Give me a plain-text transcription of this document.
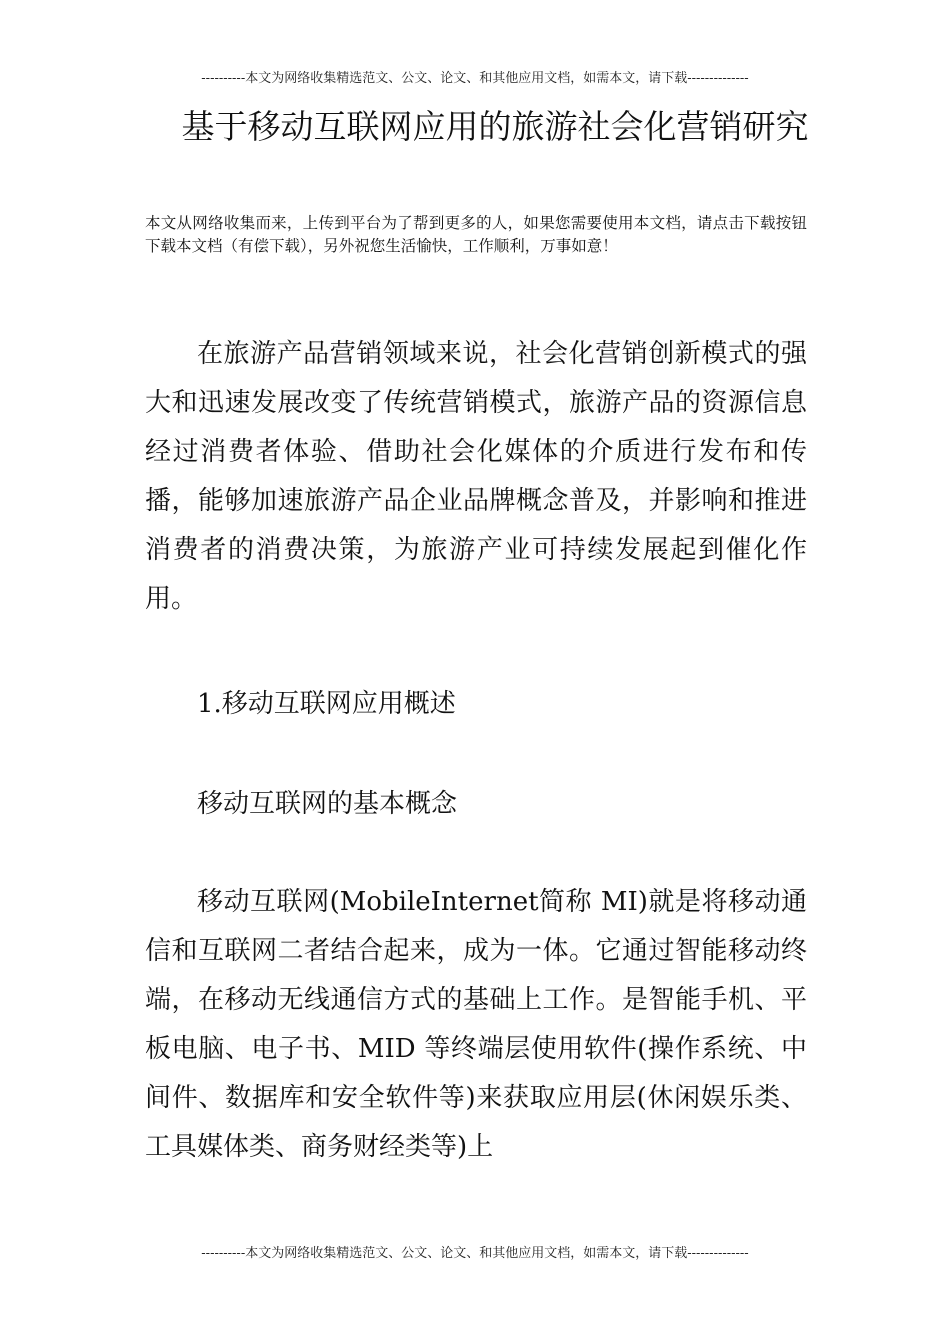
----------本文为网络收集精选范文、公文、论文、和其他应用文档，如需本文，请下载--------------
基于移动互联网应用的旅游社会化营销研究

本文从网络收集而来，上传到平台为了帮到更多的人，如果您需要使用本文档，请点击下载按钮下载本文档（有偿下载），另外祝您生活愉快，工作顺利，万事如意！

在旅游产品营销领域来说，社会化营销创新模式的强大和迅速发展改变了传统营销模式，旅游产品的资源信息经过消费者体验、借助社会化媒体的介质进行发布和传播，能够加速旅游产品企业品牌概念普及，并影响和推进消费者的消费决策，为旅游产业可持续发展起到催化作用。

1.移动互联网应用概述

移动互联网的基本概念

移动互联网(MobileInternet简称 MI)就是将移动通信和互联网二者结合起来，成为一体。它通过智能移动终端，在移动无线通信方式的基础上工作。是智能手机、平板电脑、电子书、MID 等终端层使用软件(操作系统、中间件、数据库和安全软件等)来获取应用层(休闲娱乐类、工具媒体类、商务财经类等)上

----------本文为网络收集精选范文、公文、论文、和其他应用文档，如需本文，请下载--------------
